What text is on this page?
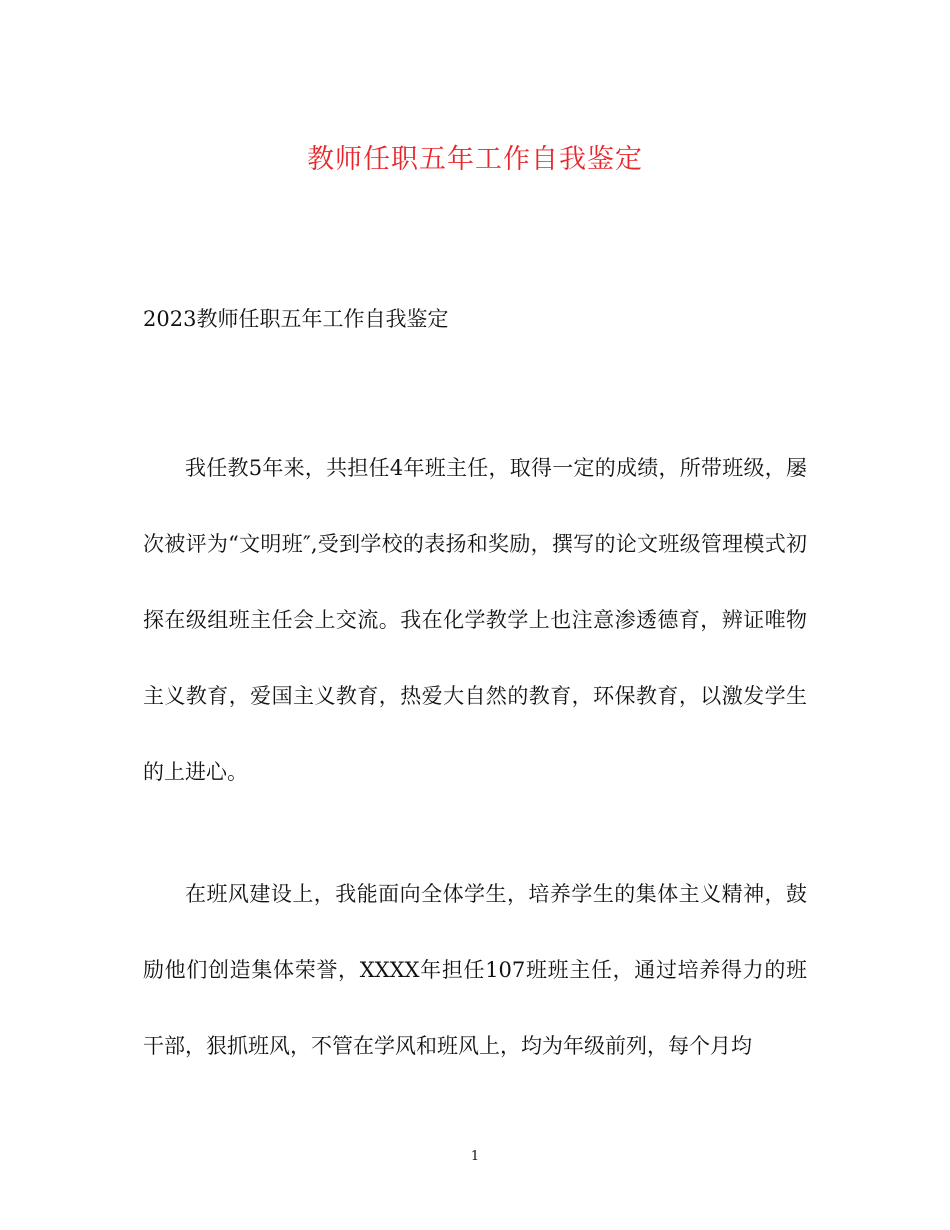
教师任职五年工作自我鉴定
2023教师任职五年工作自我鉴定

我任教5年来，共担任4年班主任，取得一定的成绩，所带班级，屡次被评为“文明班″,受到学校的表扬和奖励，撰写的论文班级管理模式初探在级组班主任会上交流。我在化学教学上也注意渗透德育，辨证唯物主义教育，爱国主义教育，热爱大自然的教育，环保教育，以激发学生的上进心。

在班风建设上，我能面向全体学生，培养学生的集体主义精神，鼓励他们创造集体荣誉，XXXX年担任107班班主任，通过培养得力的班干部，狠抓班风，不管在学风和班风上，均为年级前列，每个月均

1
